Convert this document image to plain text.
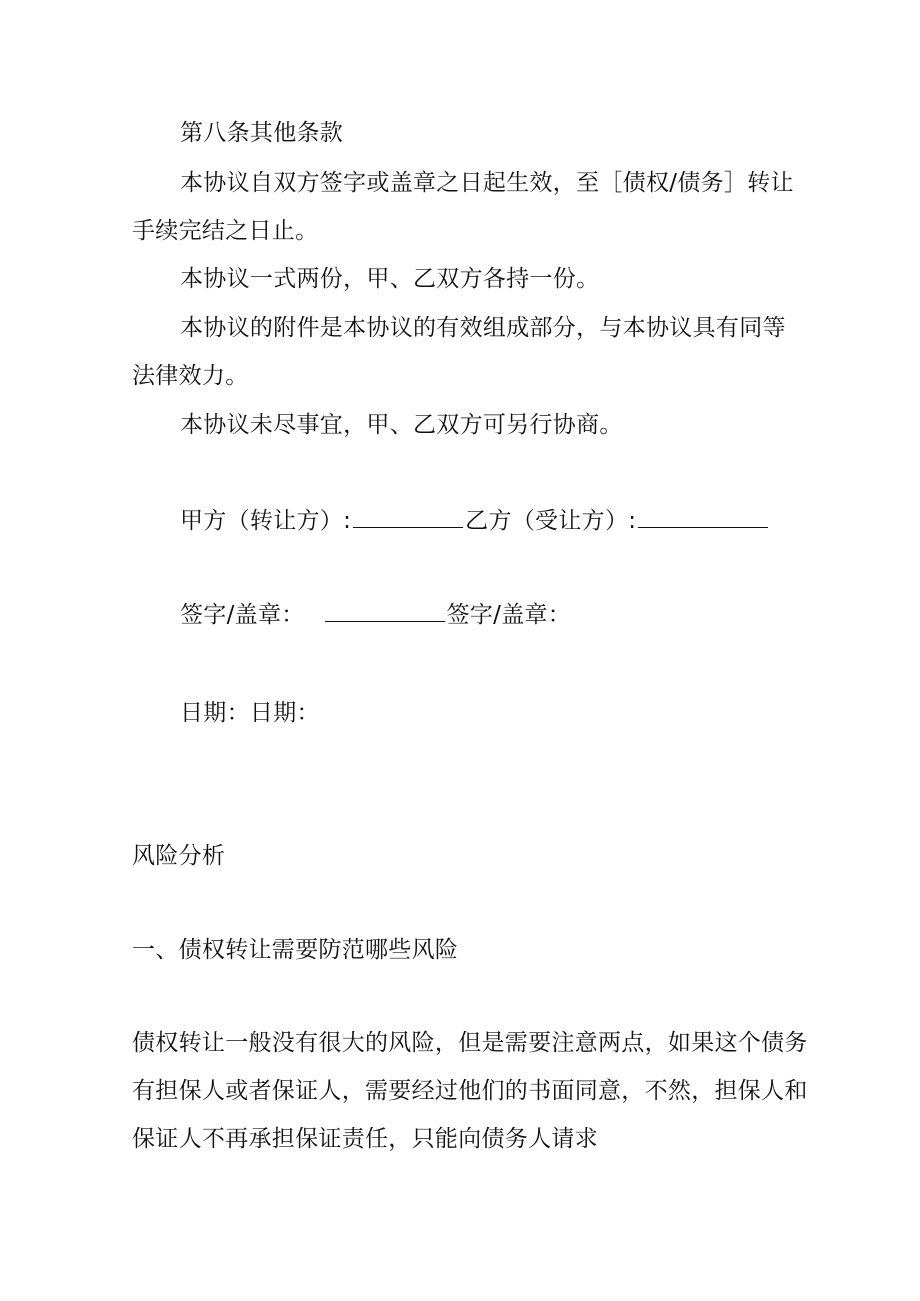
第八条其他条款
本协议自双方签字或盖章之日起生效，至［债权/债务］转让
手续完结之日止。
本协议一式两份，甲、乙双方各持一份。
本协议的附件是本协议的有效组成部分，与本协议具有同等
法律效力。
本协议未尽事宜，甲、乙双方可另行协商。
甲方（转让方）:	乙方（受让方）:
签字/盖章：	签字/盖章：
日期：日期：
风险分析
一、债权转让需要防范哪些风险
债权转让一般没有很大的风险，但是需要注意两点，如果这个债务
有担保人或者保证人，需要经过他们的书面同意，不然，担保人和
保证人不再承担保证责任，只能向债务人请求
